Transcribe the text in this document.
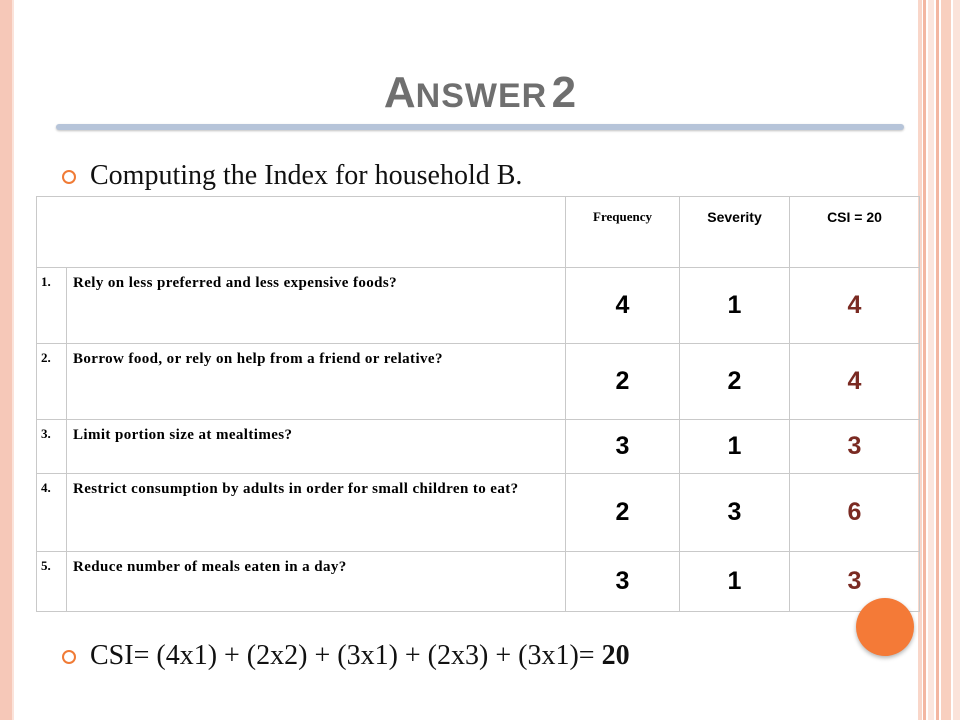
ANSWER 2
Computing the Index for household B.
		Frequency	Severity	CSI = 20
1.	Rely on less preferred and less expensive foods?	4	1	4
2.	Borrow food, or rely on help from a friend or relative?	2	2	4
3.	Limit portion size at mealtimes?	3	1	3
4.	Restrict consumption by adults in order for small children to eat?	2	3	6
5.	Reduce number of meals eaten in a day?	3	1	3
CSI= (4x1) + (2x2) + (3x1) + (2x3) + (3x1)= 20
